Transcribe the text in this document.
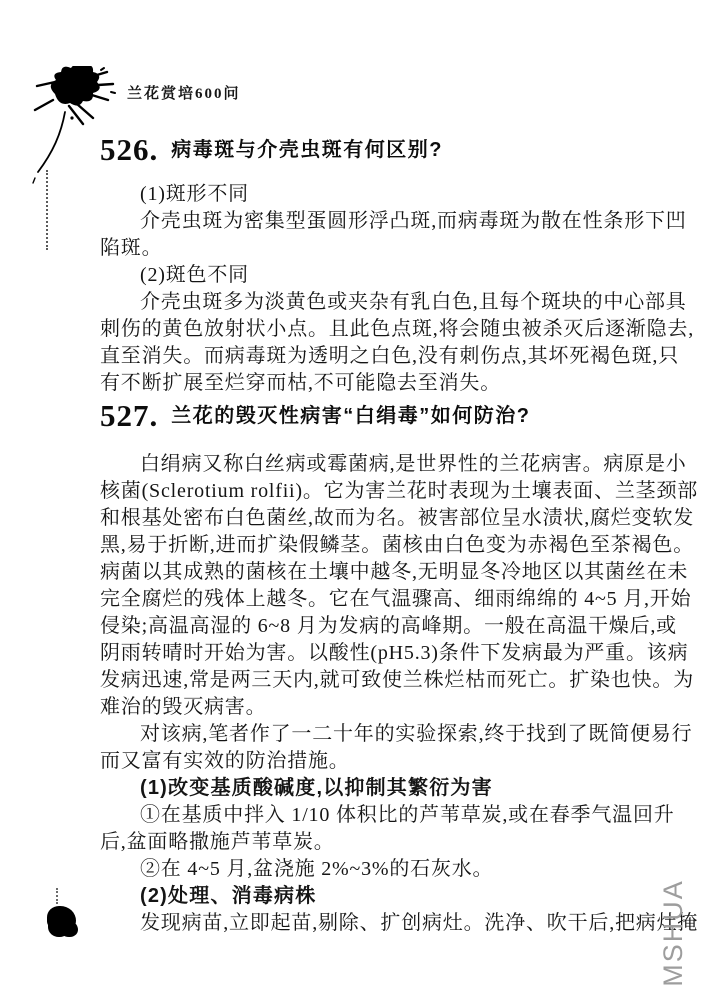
兰花赏培600问
526. 病毒斑与介壳虫斑有何区别?
(1)斑形不同
介壳虫斑为密集型蛋圆形浮凸斑,而病毒斑为散在性条形下凹
陷斑。
(2)斑色不同
介壳虫斑多为淡黄色或夹杂有乳白色,且每个斑块的中心部具
刺伤的黄色放射状小点。且此色点斑,将会随虫被杀灭后逐渐隐去,
直至消失。而病毒斑为透明之白色,没有刺伤点,其坏死褐色斑,只
有不断扩展至烂穿而枯,不可能隐去至消失。
527. 兰花的毁灭性病害“白绢毒”如何防治?
白绢病又称白丝病或霉菌病,是世界性的兰花病害。病原是小
核菌(Sclerotium rolfii)。它为害兰花时表现为土壤表面、兰茎颈部
和根基处密布白色菌丝,故而为名。被害部位呈水渍状,腐烂变软发
黑,易于折断,进而扩染假鳞茎。菌核由白色变为赤褐色至茶褐色。
病菌以其成熟的菌核在土壤中越冬,无明显冬冷地区以其菌丝在未
完全腐烂的残体上越冬。它在气温骤高、细雨绵绵的 4~5 月,开始
侵染;高温高湿的 6~8 月为发病的高峰期。一般在高温干燥后,或
阴雨转晴时开始为害。以酸性(pH5.3)条件下发病最为严重。该病
发病迅速,常是两三天内,就可致使兰株烂枯而死亡。扩染也快。为
难治的毁灭病害。
对该病,笔者作了一二十年的实验探索,终于找到了既简便易行
而又富有实效的防治措施。
(1)改变基质酸碱度,以抑制其繁衍为害
①在基质中拌入 1/10 体积比的芦苇草炭,或在春季气温回升
后,盆面略撒施芦苇草炭。
②在 4~5 月,盆浇施 2%~3%的石灰水。
(2)处理、消毒病株
发现病苗,立即起苗,剔除、扩创病灶。洗净、吹干后,把病灶掩
MSHUA
